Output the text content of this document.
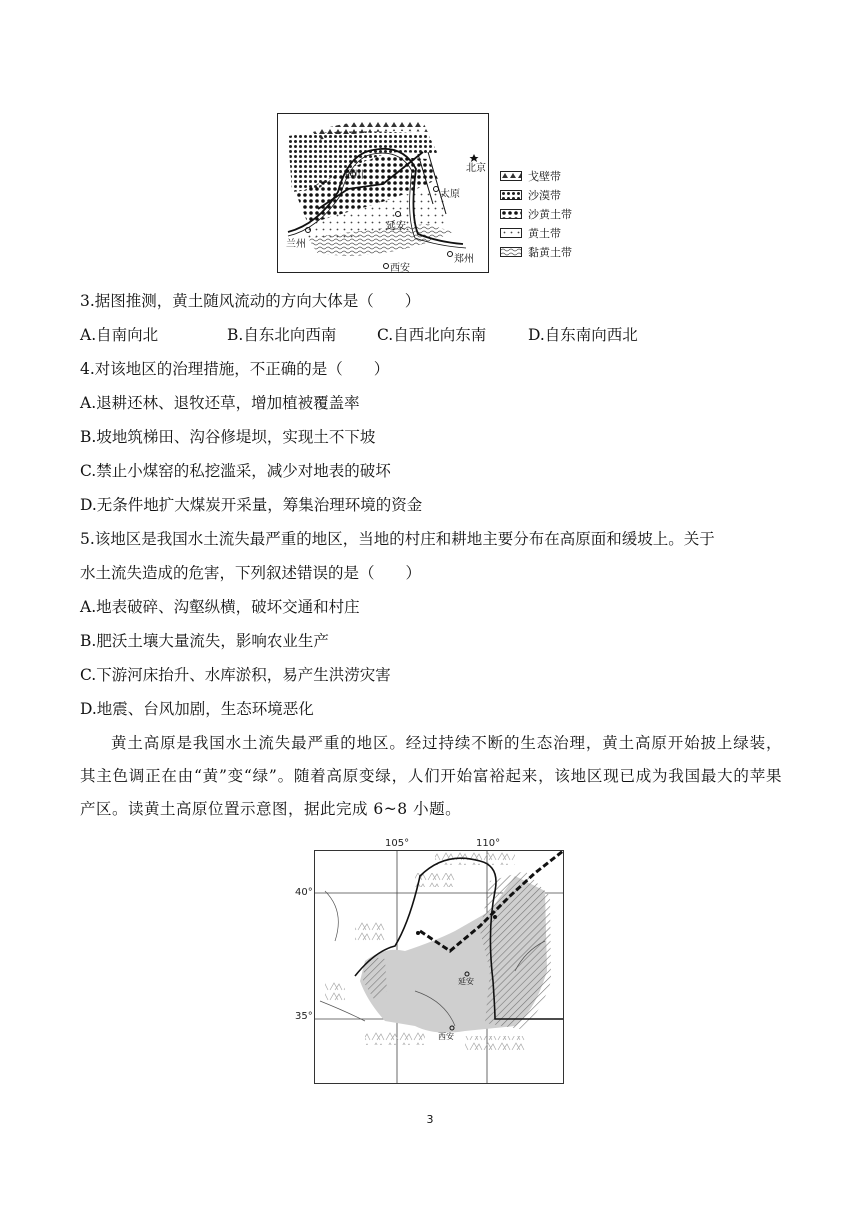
银川
北京
太原
延安
兰州
西安
郑州
戈壁带
沙漠带
沙黄土带
黄土带
黏黄土带
3.据图推测，黄土随风流动的方向大体是（　　）
A.自南向北	B.自东北向西南	C.自西北向东南	D.自东南向西北
4.对该地区的治理措施，不正确的是（　　）
A.退耕还林、退牧还草，增加植被覆盖率
B.坡地筑梯田、沟谷修堤坝，实现土不下坡
C.禁止小煤窑的私挖滥采，减少对地表的破坏
D.无条件地扩大煤炭开采量，筹集治理环境的资金
5.该地区是我国水土流失最严重的地区，当地的村庄和耕地主要分布在高原面和缓坡上。关于
水土流失造成的危害，下列叙述错误的是（　　）
A.地表破碎、沟壑纵横，破坏交通和村庄
B.肥沃土壤大量流失，影响农业生产
C.下游河床抬升、水库淤积，易产生洪涝灾害
D.地震、台风加剧，生态环境恶化
黄土高原是我国水土流失最严重的地区。经过持续不断的生态治理，黄土高原开始披上绿装，其主色调正在由“黄”变“绿”。随着高原变绿，人们开始富裕起来，该地区现已成为我国最大的苹果产区。读黄土高原位置示意图，据此完成 6~8 小题。
105°	110°
40°
35°
延安
西安
3
